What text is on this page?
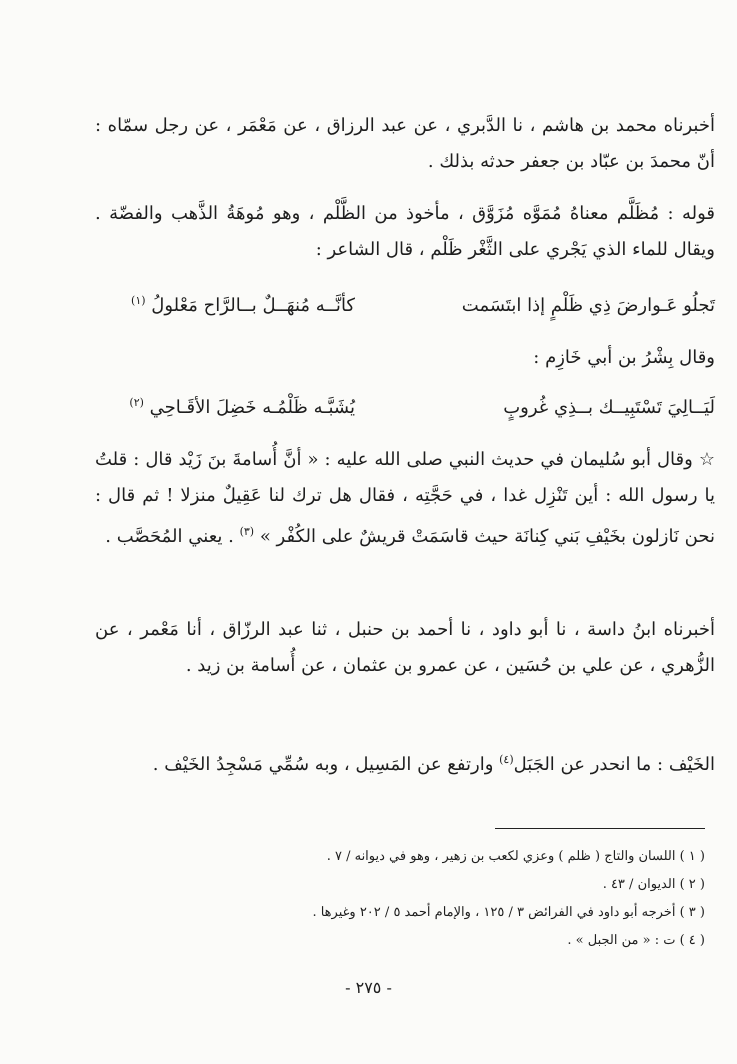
أخبرناه محمد بن هاشم ، نا الدَّبري ، عن عبد الرزاق ، عن مَعْمَر ، عن رجل سمّاه : أنّ محمدَ بن عبّاد بن جعفر حدثه بذلك .

قوله : مُظَلَّم معناهُ مُمَوَّه مُزَوَّق ، مأخوذ من الظَّلْم ، وهو مُوهَةُ الذَّهب والفضّة . ويقال للماء الذي يَجْري على الثَّغْر ظَلْم ، قال الشاعر :

تَجلُو عَـوارضَ ذِي ظَلْمٍ إذا ابتَسَمت
كأنَّــه مُنهَــلٌ بــالرَّاح مَعْلولُ $^{(١)}$

وقال بِشْرُ بن أبي خَازِم :

لَيَــالِيَ تَسْتَبِيــك بــذِي غُروبٍ
يُشَبَّـه ظَلْمُـه خَضِلَ الأقَـاحِي $^{(٢)}$

☆ وقال أبو سُليمان في حديث النبي صلى الله عليه : « أنَّ أُسامةَ بنَ زَيْد قال : قلتُ يا رسول الله : أين تَنْزِل غدا ، في حَجَّتِه ، فقال هل ترك لنا عَقِيلٌ منزلا ! ثم قال : نحن نَازلون بخَيْفِ بَني كِنانَة حيث قاسَمَتْ قريشٌ على الكُفْر » $^{(٣)}$ . يعني المُحَصَّب .

أخبرناه ابنُ داسة ، نا أبو داود ، نا أحمد بن حنبل ، ثنا عبد الرزّاق ، أنا مَعْمر ، عن الزُّهري ، عن علي بن حُسَين ، عن عمرو بن عثمان ، عن أُسامة بن زيد .

الخَيْف : ما انحدر عن الجَبَل$^{(٤)}$ وارتفع عن المَسِيل ، وبه سُمِّي مَسْجِدُ الخَيْف .

( ١ ) اللسان والتاج ( ظلم ) وعزي لكعب بن زهير ، وهو في ديوانه / ٧ .

( ٢ ) الديوان / ٤٣ .

( ٣ ) أخرجه أبو داود في الفرائض ٣ / ١٢٥ ، والإمام أحمد ٥ / ٢٠٢ وغيرها .

( ٤ ) ت : « من الجبل » .

- ٢٧٥ -
